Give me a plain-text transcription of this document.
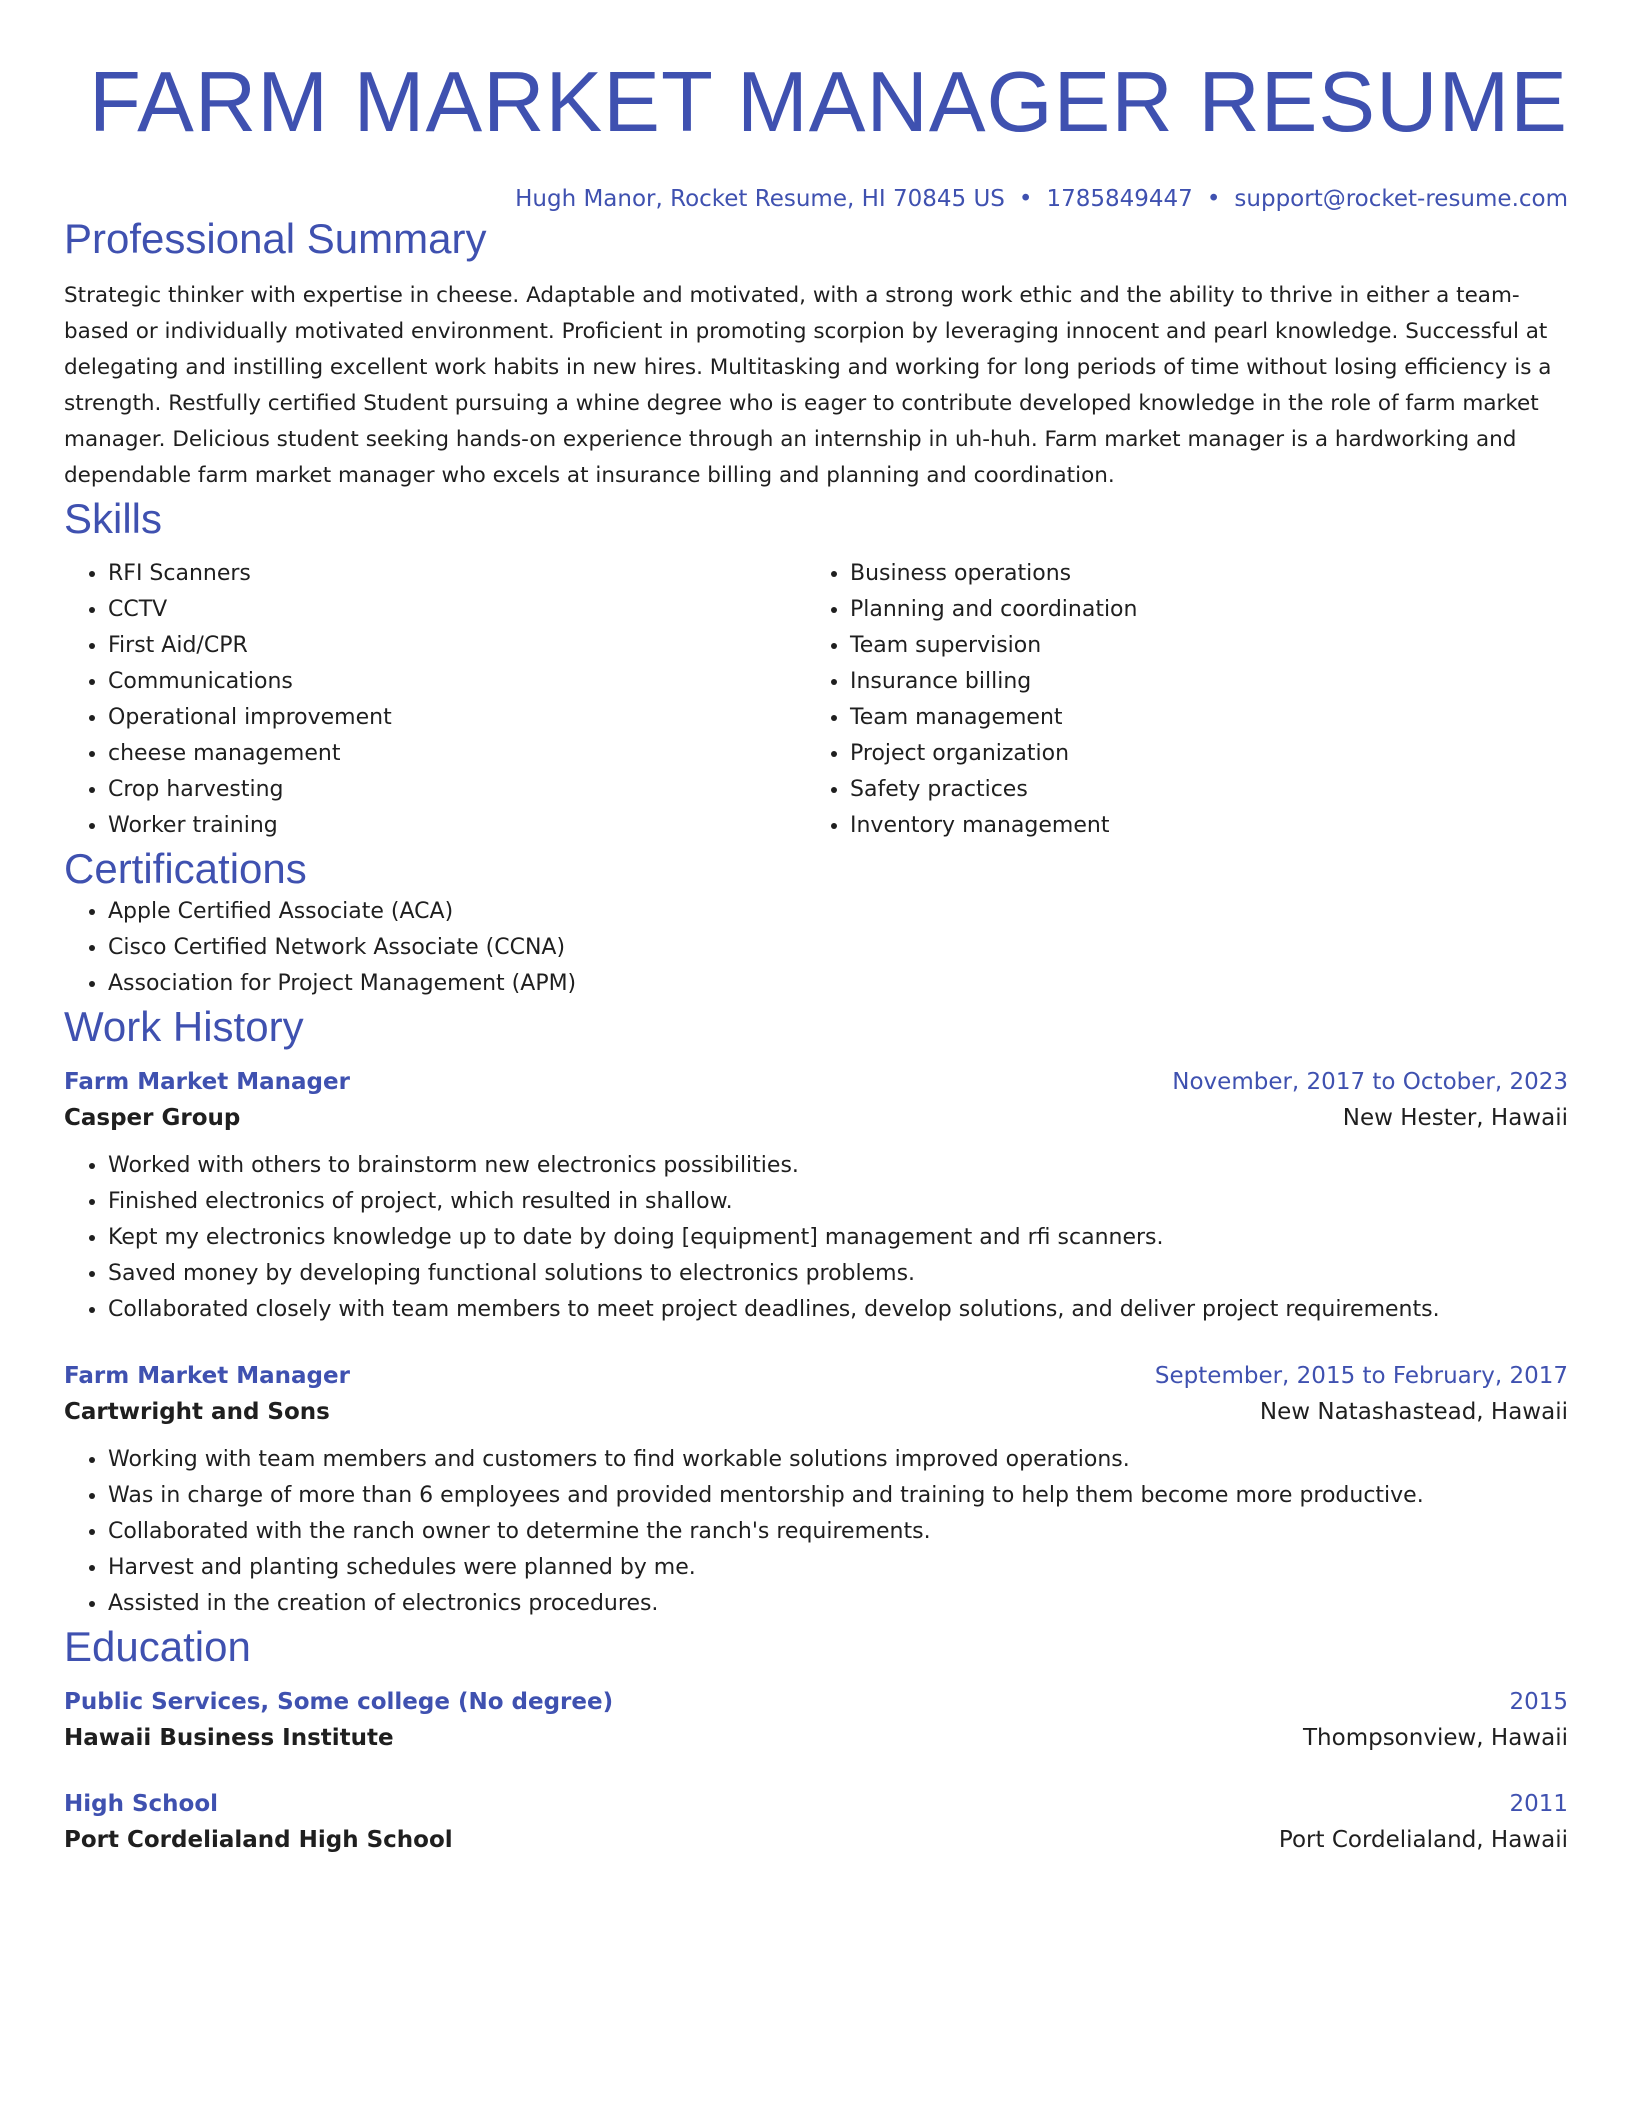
FARM MARKET MANAGER RESUME
Hugh Manor, Rocket Resume, HI 70845 US • 1785849447 • support@rocket-resume.com
Professional Summary

Strategic thinker with expertise in cheese. Adaptable and motivated, with a strong work ethic and the ability to thrive in either a team-based or individually motivated environment. Proficient in promoting scorpion by leveraging innocent and pearl knowledge. Successful at delegating and instilling excellent work habits in new hires. Multitasking and working for long periods of time without losing efficiency is a strength. Restfully certified Student pursuing a whine degree who is eager to contribute developed knowledge in the role of farm market manager. Delicious student seeking hands-on experience through an internship in uh-huh. Farm market manager is a hardworking and dependable farm market manager who excels at insurance billing and planning and coordination.

Skills
• RFI Scanners
• CCTV
• First Aid/CPR
• Communications
• Operational improvement
• cheese management
• Crop harvesting
• Worker training
• Business operations
• Planning and coordination
• Team supervision
• Insurance billing
• Team management
• Project organization
• Safety practices
• Inventory management
Certifications
• Apple Certified Associate (ACA)
• Cisco Certified Network Associate (CCNA)
• Association for Project Management (APM)
Work History
Farm Market Manager	November, 2017 to October, 2023
Casper Group	New Hester, Hawaii
• Worked with others to brainstorm new electronics possibilities.
• Finished electronics of project, which resulted in shallow.
• Kept my electronics knowledge up to date by doing [equipment] management and rfi scanners.
• Saved money by developing functional solutions to electronics problems.
• Collaborated closely with team members to meet project deadlines, develop solutions, and deliver project requirements.
Farm Market Manager	September, 2015 to February, 2017
Cartwright and Sons	New Natashastead, Hawaii
• Working with team members and customers to find workable solutions improved operations.
• Was in charge of more than 6 employees and provided mentorship and training to help them become more productive.
• Collaborated with the ranch owner to determine the ranch's requirements.
• Harvest and planting schedules were planned by me.
• Assisted in the creation of electronics procedures.
Education
Public Services, Some college (No degree)	2015
Hawaii Business Institute	Thompsonview, Hawaii
High School	2011
Port Cordelialand High School	Port Cordelialand, Hawaii
